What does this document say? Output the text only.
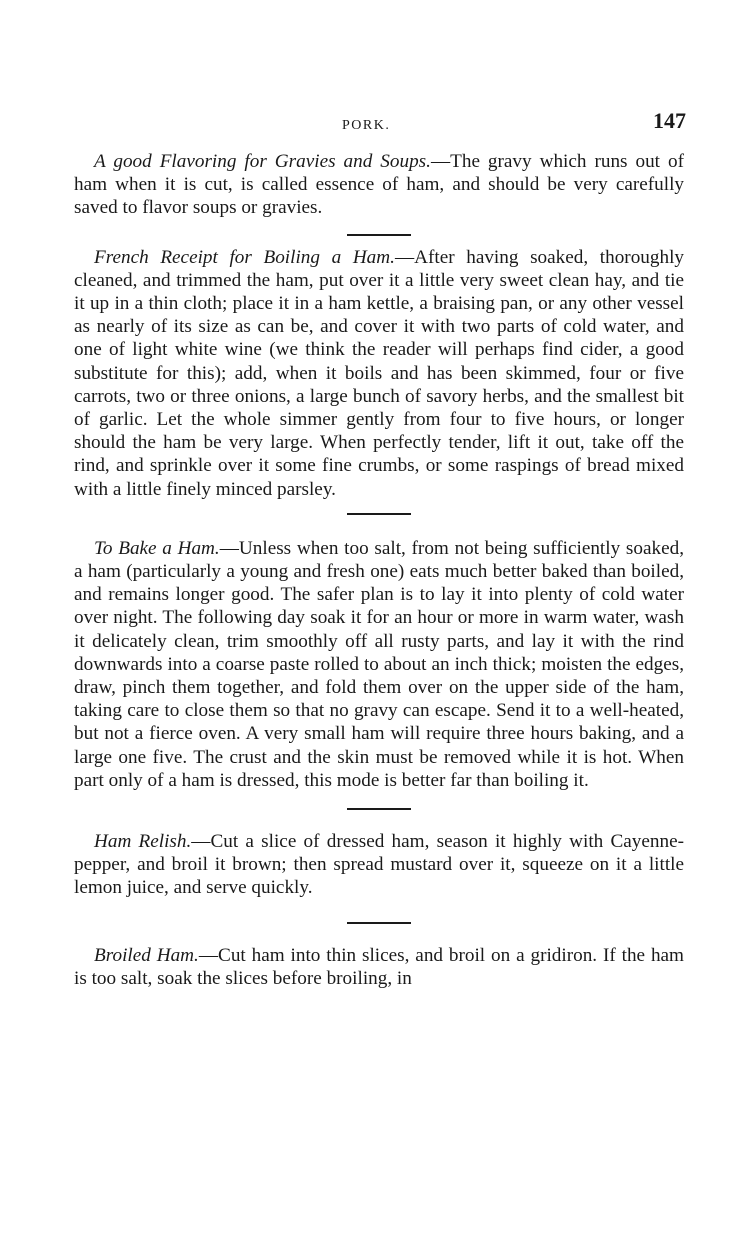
PORK.	147

A good Flavoring for Gravies and Soups.—The gravy which runs out of ham when it is cut, is called essence of ham, and should be very carefully saved to flavor soups or gravies.

French Receipt for Boiling a Ham.—After having soaked, thoroughly cleaned, and trimmed the ham, put over it a little very sweet clean hay, and tie it up in a thin cloth; place it in a ham kettle, a braising pan, or any other vessel as nearly of its size as can be, and cover it with two parts of cold water, and one of light white wine (we think the reader will perhaps find cider, a good substitute for this); add, when it boils and has been skimmed, four or five carrots, two or three onions, a large bunch of savory herbs, and the smallest bit of garlic. Let the whole simmer gently from four to five hours, or longer should the ham be very large. When perfectly tender, lift it out, take off the rind, and sprinkle over it some fine crumbs, or some raspings of bread mixed with a little finely minced parsley.

To Bake a Ham.—Unless when too salt, from not being sufficiently soaked, a ham (particularly a young and fresh one) eats much better baked than boiled, and remains longer good. The safer plan is to lay it into plenty of cold water over night. The following day soak it for an hour or more in warm water, wash it delicately clean, trim smoothly off all rusty parts, and lay it with the rind downwards into a coarse paste rolled to about an inch thick; moisten the edges, draw, pinch them together, and fold them over on the upper side of the ham, taking care to close them so that no gravy can escape. Send it to a well-heated, but not a fierce oven. A very small ham will require three hours baking, and a large one five. The crust and the skin must be removed while it is hot. When part only of a ham is dressed, this mode is better far than boiling it.

Ham Relish.—Cut a slice of dressed ham, season it highly with Cayenne-pepper, and broil it brown; then spread mustard over it, squeeze on it a little lemon juice, and serve quickly.

Broiled Ham.—Cut ham into thin slices, and broil on a gridiron. If the ham is too salt, soak the slices before broiling, in
